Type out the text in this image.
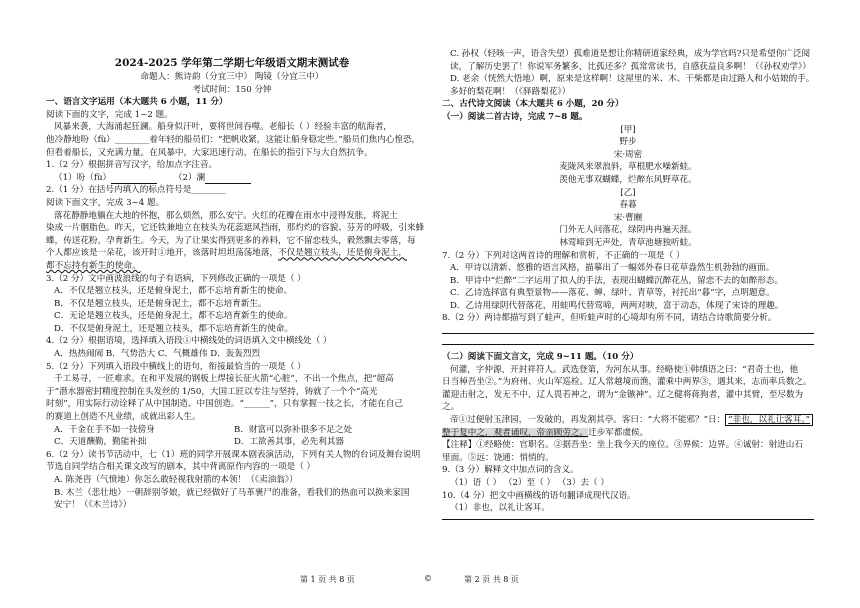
2024-2025 学年第二学期七年级语文期末测试卷
命题人：熊诗韵（分宜三中） 陶镜（分宜三中）
考试时间：150 分钟
一、语言文字运用（本大题共 6 小题，11 分）
阅读下面的文字，完成 1~2 题。
风暴来袭，大海涌起狂澜。船身似汗叶，要将世间吞噬。老船长（ ）经验丰富的航海者，
他冷静地吩（fù）________着年轻的船员们：“把帆收紧，这能让船身稳定些。”船员们焦内心惶恐，
但看着船长，又充满力量。在风暴中，大家迅速行动，在船长的指引下与大自然抗争。
1.（2 分）根据拼音写汉字，给加点字注音。
（1）吩（fù）	（2）澜
2.（1 分）在括号内填入的标点符号是________
阅读下面文字，完成 3~4 题。
落花静静地躺在大地的怀抱，那么烦然，那么安宁。火红的花瓣在雨水中浸得发胀，将泥土
染成一片胭脂色。昨天，它还铁兼地立在枝头为花蕊遮风挡雨，那灼灼的容貌、芬芳的呼吸，引来蜂
蝶，传送花粉，孕育新生。今天，为了让果实得到更多的养料，它不留恋枝头，毅然飘去零落，每
个人都应该是一朵花，该开时①地开，该落时坦坦荡荡地落，不仅是翘立枝头，还是俯身泥土，
都不忘持有新生的使命。
3.（2 分）文中画波浪线的句子有语病，下列修改正确的一项是（ ）
A．不仅是翘立枝头，还是俯身泥土，都不忘培育新生的使命。
B．不仅是翘立枝头，还是俯身泥土，都不忘培育新生。
C．无论是翘立枝头，还是俯身泥土，都不忘培育新生的使命。
D．不仅是俯身泥土，还是翘立枝头，都不忘培育新生的使命。
4.（2 分）根据语境，选择填入语段①中横线处的词语填入文中横线处（ ）
A．热热闹闹 B．气势浩大 C．气概雄伟 D．轰轰烈烈
5.（2 分）下列填入语段中横线上的语句，衔接最恰当的一项是（ ）
千工易寻，一匠难求。在和平发展的钢板上焊接长征火箭“心脏”，不出一个焦点，把“超高
于”潜水器密封精度控制在头发丝的 1/50，大国工匠以专注与坚持，铸就了一个个“高光
时刻”，用实际行动诠释了从中国制造、中国创造。“______”，只有掌握一技之长，才能在自己
的赛道上创造不凡业绩，成就出彩人生。
A．千金在手不如一技傍身	B．财富可以弥补很多不足之处
C．天道酬勤，勤能补拙	D．工欲善其事，必先利其器
6.（2 分）读书节活动中，七（1）班的同学开展课本剧表演活动，下列有关人物的台词及舞台说明
节选自同学结合相关课文改写的剧本，其中背离原作内容的一项是（ ）
A. 陈尧咨（气愤地）你怎么敢轻视我射箭的本领！（《卖油翁》）
B. 木兰（悲壮地）一朝辞别爷娘，就已经做好了马革裹尸的准备，看我们的热血可以换来家国
安宁！（《木兰诗》）
第 1 页 共 8 页	©
C. 孙权（轻咳一声，语含失望）孤难道是想让你精研道家经典，成为学官吗?只是希望你广泛阅
读，了解历史罢了！你说军务繁多，比孤还多？孤常常读书，自感获益良多啊！（《孙权劝学》）
D. 老余（恍然大悟地）啊，原来是这样啊！这屋里的米、木、干柴都是由过路人和小姑娘的手。
多好的梨花啊！（《驿路梨花》）
二、古代诗文阅读（本大题共 6 小题，20 分）
（一）阅读二首古诗，完成 7~8 题。
[甲]
野步
宋·周密
麦陇风来翠浪斜，草根肥水噪新蛙。
羡他无事双蝴蝶，烂醉东风野草花。
[乙]
春暮
宋·曹豳
门外无人问落花，绿阴冉冉遍天涯。
林莺啼到无声处，青草池塘独听蛙。
7.（2 分）下列对这两首诗的理解和赏析，不正确的一项是（ ）
A．甲诗以清新、悠雅的语言风格，描摹出了一幅郊外春日花草盎然生机勃勃的画面。
B．甲诗中“烂醉”二字运用了拟人的手法，表现出蝴蝶沉醉花丛，留恋不去的如醉形态。
C．乙诗选择富有典型景物——落花、蝉、绿叶、青草等，衬托出“暮”字，点明题意。
D．乙诗用绿阴代替落花，用蛙鸣代替莺啼，两两对映，富于动态，体现了宋诗的理趣。
8.（2 分）两诗都描写到了蛙声，但听蛙声时的心境却有所不同，请结合诗歌简要分析。
（二）阅读下面文言文，完成 9~11 题。（10 分）
何灌，字仲源，开封祥符人。武选登第，为河东从事。经略使①韩缜语之曰：“君奇士也，他
日当棹吾坐②。”为府州、火山军巡检。辽人常越境而渔，灌乘中两界③，遇其来，志而率兵数之。
灌迎击射之，发无不中，辽人畏若神之，谓为“金镞神”。辽之健将蒋狗者，灌中其臂，至尽数为
之。
帝①过便射玉津园，一发破的，再发割其亭。客曰：“大将不能邪？”日： “非也，以礼让客耳。”
整于复中之，观者诵叹，帝亲顾劳之。迁步军都虞候。
【注释】①经略使：官职名。②据吾坐：坐上我今天的座位。③界候：边界。④诚射：射进山石
里面。⑤远：饶通：悄悄的。
9.（3 分）解释文中加点词的含义。
（1）语（ ） （2）至（ ） （3）去（ ）
10.（4 分）把文中画横线的语句翻译成现代汉语。
（1）非也，以礼让客耳。
第 2 页 共 8 页
